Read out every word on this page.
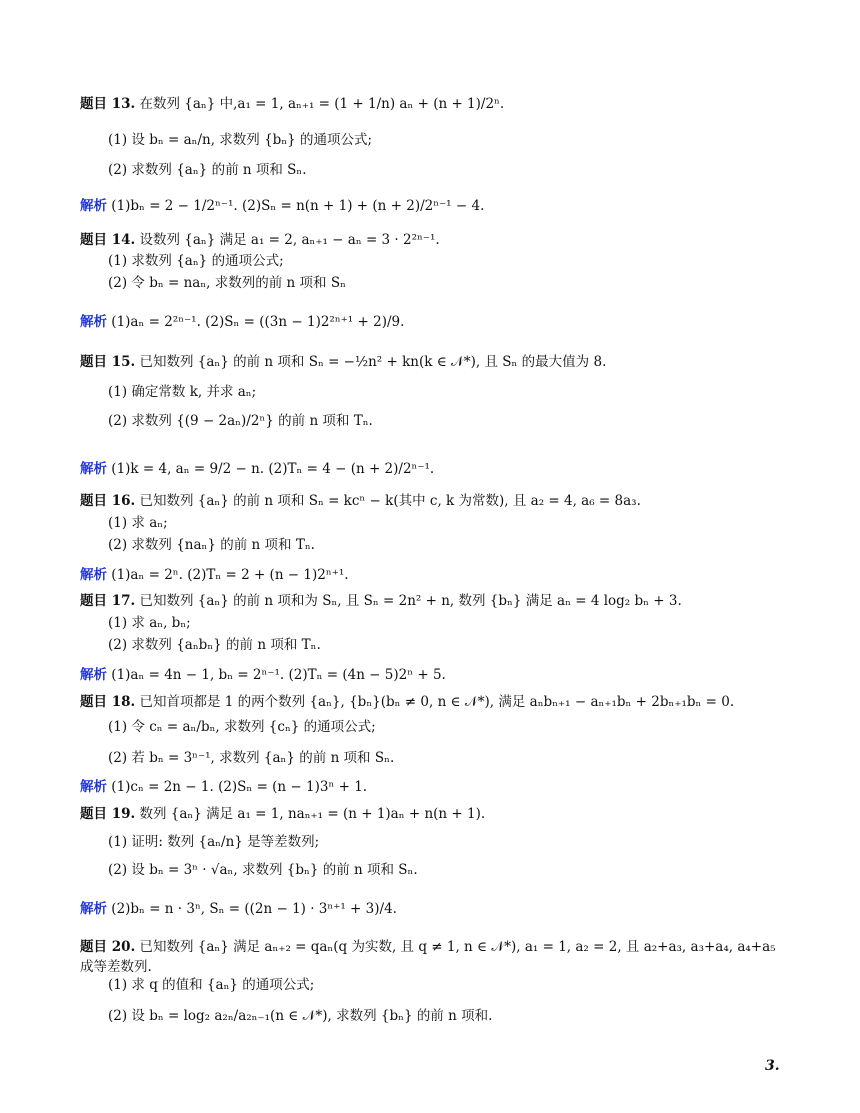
题目 13. 在数列 {aₙ} 中,a₁ = 1, aₙ₊₁ = (1 + 1/n) aₙ + (n + 1)/2ⁿ.
(1) 设 bₙ = aₙ/n, 求数列 {bₙ} 的通项公式;
(2) 求数列 {aₙ} 的前 n 项和 Sₙ.
解析 (1)bₙ = 2 − 1/2ⁿ⁻¹. (2)Sₙ = n(n + 1) + (n + 2)/2ⁿ⁻¹ − 4.
题目 14. 设数列 {aₙ} 满足 a₁ = 2, aₙ₊₁ − aₙ = 3 · 2²ⁿ⁻¹.
(1) 求数列 {aₙ} 的通项公式;
(2) 令 bₙ = naₙ, 求数列的前 n 项和 Sₙ
解析 (1)aₙ = 2²ⁿ⁻¹. (2)Sₙ = ((3n − 1)2²ⁿ⁺¹ + 2)/9.
题目 15. 已知数列 {aₙ} 的前 n 项和 Sₙ = −½n² + kn(k ∈ 𝒩*), 且 Sₙ 的最大值为 8.
(1) 确定常数 k, 并求 aₙ;
(2) 求数列 {(9 − 2aₙ)/2ⁿ} 的前 n 项和 Tₙ.
解析 (1)k = 4, aₙ = 9/2 − n. (2)Tₙ = 4 − (n + 2)/2ⁿ⁻¹.
题目 16. 已知数列 {aₙ} 的前 n 项和 Sₙ = kcⁿ − k(其中 c, k 为常数), 且 a₂ = 4, a₆ = 8a₃.
(1) 求 aₙ;
(2) 求数列 {naₙ} 的前 n 项和 Tₙ.
解析 (1)aₙ = 2ⁿ. (2)Tₙ = 2 + (n − 1)2ⁿ⁺¹.
题目 17. 已知数列 {aₙ} 的前 n 项和为 Sₙ, 且 Sₙ = 2n² + n, 数列 {bₙ} 满足 aₙ = 4 log₂ bₙ + 3.
(1) 求 aₙ, bₙ;
(2) 求数列 {aₙbₙ} 的前 n 项和 Tₙ.
解析 (1)aₙ = 4n − 1, bₙ = 2ⁿ⁻¹. (2)Tₙ = (4n − 5)2ⁿ + 5.
题目 18. 已知首项都是 1 的两个数列 {aₙ}, {bₙ}(bₙ ≠ 0, n ∈ 𝒩*), 满足 aₙbₙ₊₁ − aₙ₊₁bₙ + 2bₙ₊₁bₙ = 0.
(1) 令 cₙ = aₙ/bₙ, 求数列 {cₙ} 的通项公式;
(2) 若 bₙ = 3ⁿ⁻¹, 求数列 {aₙ} 的前 n 项和 Sₙ.
解析 (1)cₙ = 2n − 1. (2)Sₙ = (n − 1)3ⁿ + 1.
题目 19. 数列 {aₙ} 满足 a₁ = 1, naₙ₊₁ = (n + 1)aₙ + n(n + 1).
(1) 证明: 数列 {aₙ/n} 是等差数列;
(2) 设 bₙ = 3ⁿ · √aₙ, 求数列 {bₙ} 的前 n 项和 Sₙ.
解析 (2)bₙ = n · 3ⁿ, Sₙ = ((2n − 1) · 3ⁿ⁺¹ + 3)/4.
题目 20. 已知数列 {aₙ} 满足 aₙ₊₂ = qaₙ(q 为实数, 且 q ≠ 1, n ∈ 𝒩*), a₁ = 1, a₂ = 2, 且 a₂+a₃, a₃+a₄, a₄+a₅
成等差数列.
(1) 求 q 的值和 {aₙ} 的通项公式;
(2) 设 bₙ = log₂ a₂ₙ/a₂ₙ₋₁(n ∈ 𝒩*), 求数列 {bₙ} 的前 n 项和.
3.
